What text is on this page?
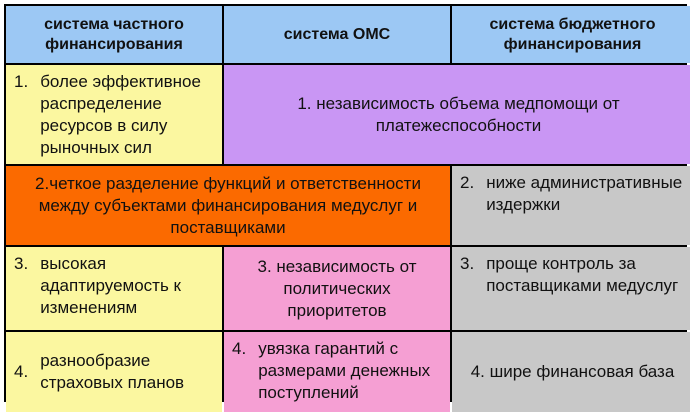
система частного финансирования
система ОМС
система бюджетного финансирования
1. более эффективное распределение ресурсов в силу рыночных сил
1. независимость объема медпомощи от платежеспособности
2.четкое разделение функций и ответственности между субъектами финансирования медуслуг и поставщиками
2. ниже административные издержки
3. высокая адаптируемость к изменениям
3. независимость от политических приоритетов
3. проще контроль за поставщиками медуслуг
4.
разнообразие страховых планов
4. увязка гарантий с размерами денежных поступлений
4. шире финансовая база
